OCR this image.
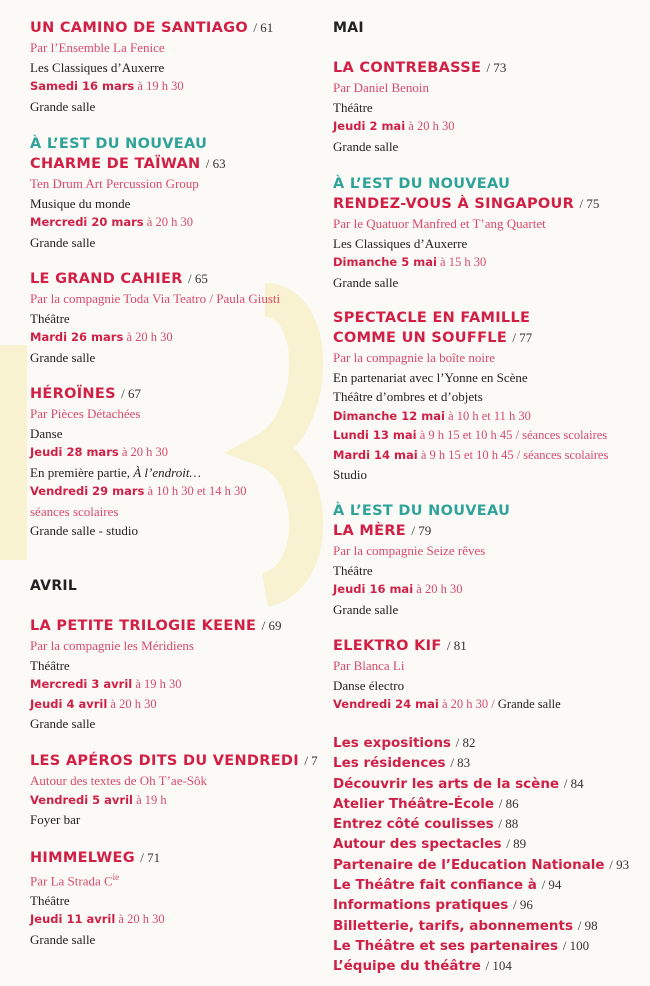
UN CAMINO DE SANTIAGO / 61
Par l’Ensemble La Fenice
Les Classiques d’Auxerre
Samedi 16 mars à 19 h 30
Grande salle
À L’EST DU NOUVEAU
CHARME DE TAÏWAN / 63
Ten Drum Art Percussion Group
Musique du monde
Mercredi 20 mars à 20 h 30
Grande salle
LE GRAND CAHIER / 65
Par la compagnie Toda Via Teatro / Paula Giusti
Théâtre
Mardi 26 mars à 20 h 30
Grande salle
HÉROÏNES / 67
Par Pièces Détachées
Danse
Jeudi 28 mars à 20 h 30
En première partie, À l’endroit…
Vendredi 29 mars à 10 h 30 et 14 h 30
séances scolaires
Grande salle - studio
AVRIL
LA PETITE TRILOGIE KEENE / 69
Par la compagnie les Méridiens
Théâtre
Mercredi 3 avril à 19 h 30
Jeudi 4 avril à 20 h 30
Grande salle
LES APÉROS DITS DU VENDREDI / 7
Autour des textes de Oh T’ae-Sôk
Vendredi 5 avril à 19 h
Foyer bar
HIMMELWEG / 71
Par La Strada $C^{ie}$
Théâtre
Jeudi 11 avril à 20 h 30
Grande salle
MAI
LA CONTREBASSE / 73
Par Daniel Benoin
Théâtre
Jeudi 2 mai à 20 h 30
Grande salle
À L’EST DU NOUVEAU
RENDEZ-VOUS À SINGAPOUR / 75
Par le Quatuor Manfred et T’ang Quartet
Les Classiques d’Auxerre
Dimanche 5 mai à 15 h 30
Grande salle
SPECTACLE EN FAMILLE
COMME UN SOUFFLE / 77
Par la compagnie la boîte noire
En partenariat avec l’Yonne en Scène
Théâtre d’ombres et d’objets
Dimanche 12 mai à 10 h et 11 h 30
Lundi 13 mai à 9 h 15 et 10 h 45 / séances scolaires
Mardi 14 mai à 9 h 15 et 10 h 45 / séances scolaires
Studio
À L’EST DU NOUVEAU
LA MÈRE / 79
Par la compagnie Seize rêves
Théâtre
Jeudi 16 mai à 20 h 30
Grande salle
ELEKTRO KIF / 81
Par Blanca Li
Danse électro
Vendredi 24 mai à 20 h 30 / Grande salle
Les expositions / 82
Les résidences / 83
Découvrir les arts de la scène / 84
Atelier Théâtre-École / 86
Entrez côté coulisses / 88
Autour des spectacles / 89
Partenaire de l’Education Nationale / 93
Le Théâtre fait confiance à / 94
Informations pratiques / 96
Billetterie, tarifs, abonnements / 98
Le Théâtre et ses partenaires / 100
L’équipe du théâtre / 104
